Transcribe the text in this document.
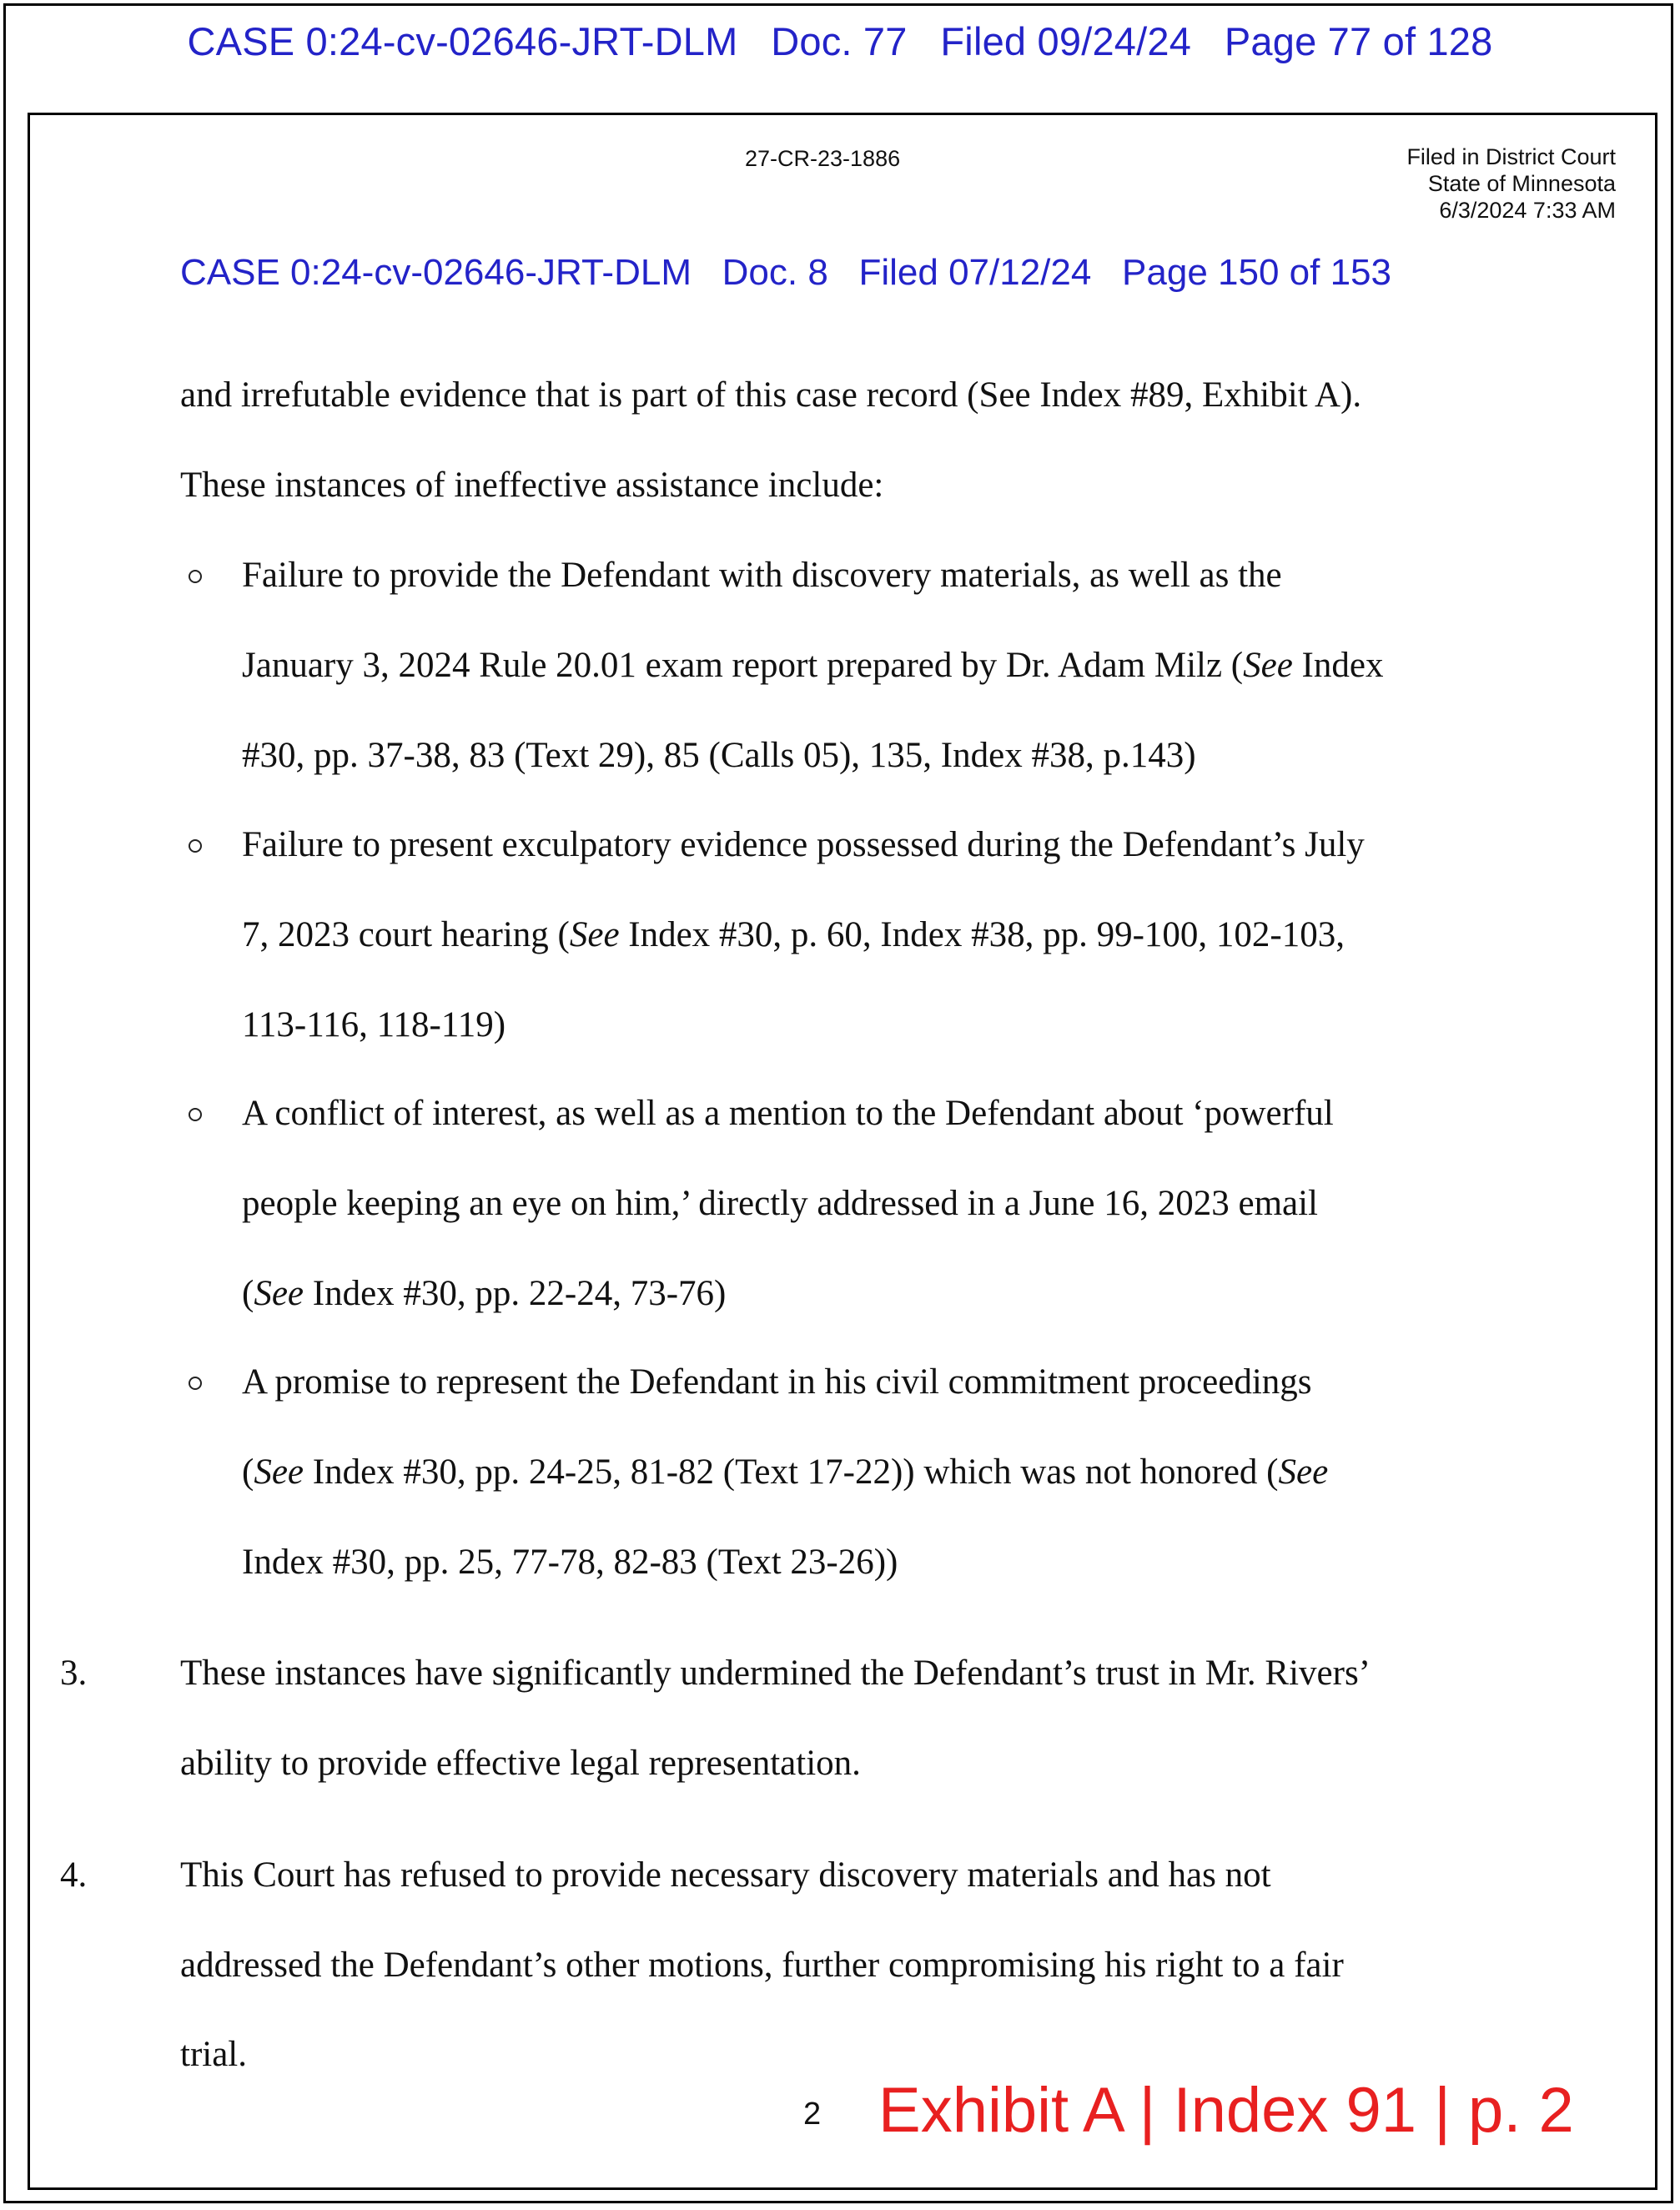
CASE 0:24-cv-02646-JRT-DLM   Doc. 77   Filed 09/24/24   Page 77 of 128
27-CR-23-1886	Filed in District Court
State of Minnesota
6/3/2024 7:33 AM
CASE 0:24-cv-02646-JRT-DLM   Doc. 8   Filed 07/12/24   Page 150 of 153
and irrefutable evidence that is part of this case record (See Index #89, Exhibit A).
These instances of ineffective assistance include:
Failure to provide the Defendant with discovery materials, as well as the
January 3, 2024 Rule 20.01 exam report prepared by Dr. Adam Milz (See Index
#30, pp. 37-38, 83 (Text 29), 85 (Calls 05), 135, Index #38, p.143)
Failure to present exculpatory evidence possessed during the Defendant’s July
7, 2023 court hearing (See Index #30, p. 60, Index #38, pp. 99-100, 102-103,
113-116, 118-119)
A conflict of interest, as well as a mention to the Defendant about ‘powerful
people keeping an eye on him,’ directly addressed in a June 16, 2023 email
(See Index #30, pp. 22-24, 73-76)
A promise to represent the Defendant in his civil commitment proceedings
(See Index #30, pp. 24-25, 81-82 (Text 17-22)) which was not honored (See
Index #30, pp. 25, 77-78, 82-83 (Text 23-26))
3.	These instances have significantly undermined the Defendant’s trust in Mr. Rivers’
ability to provide effective legal representation.
4.	This Court has refused to provide necessary discovery materials and has not
addressed the Defendant’s other motions, further compromising his right to a fair
trial.
2 Exhibit A | Index 91 | p. 2
